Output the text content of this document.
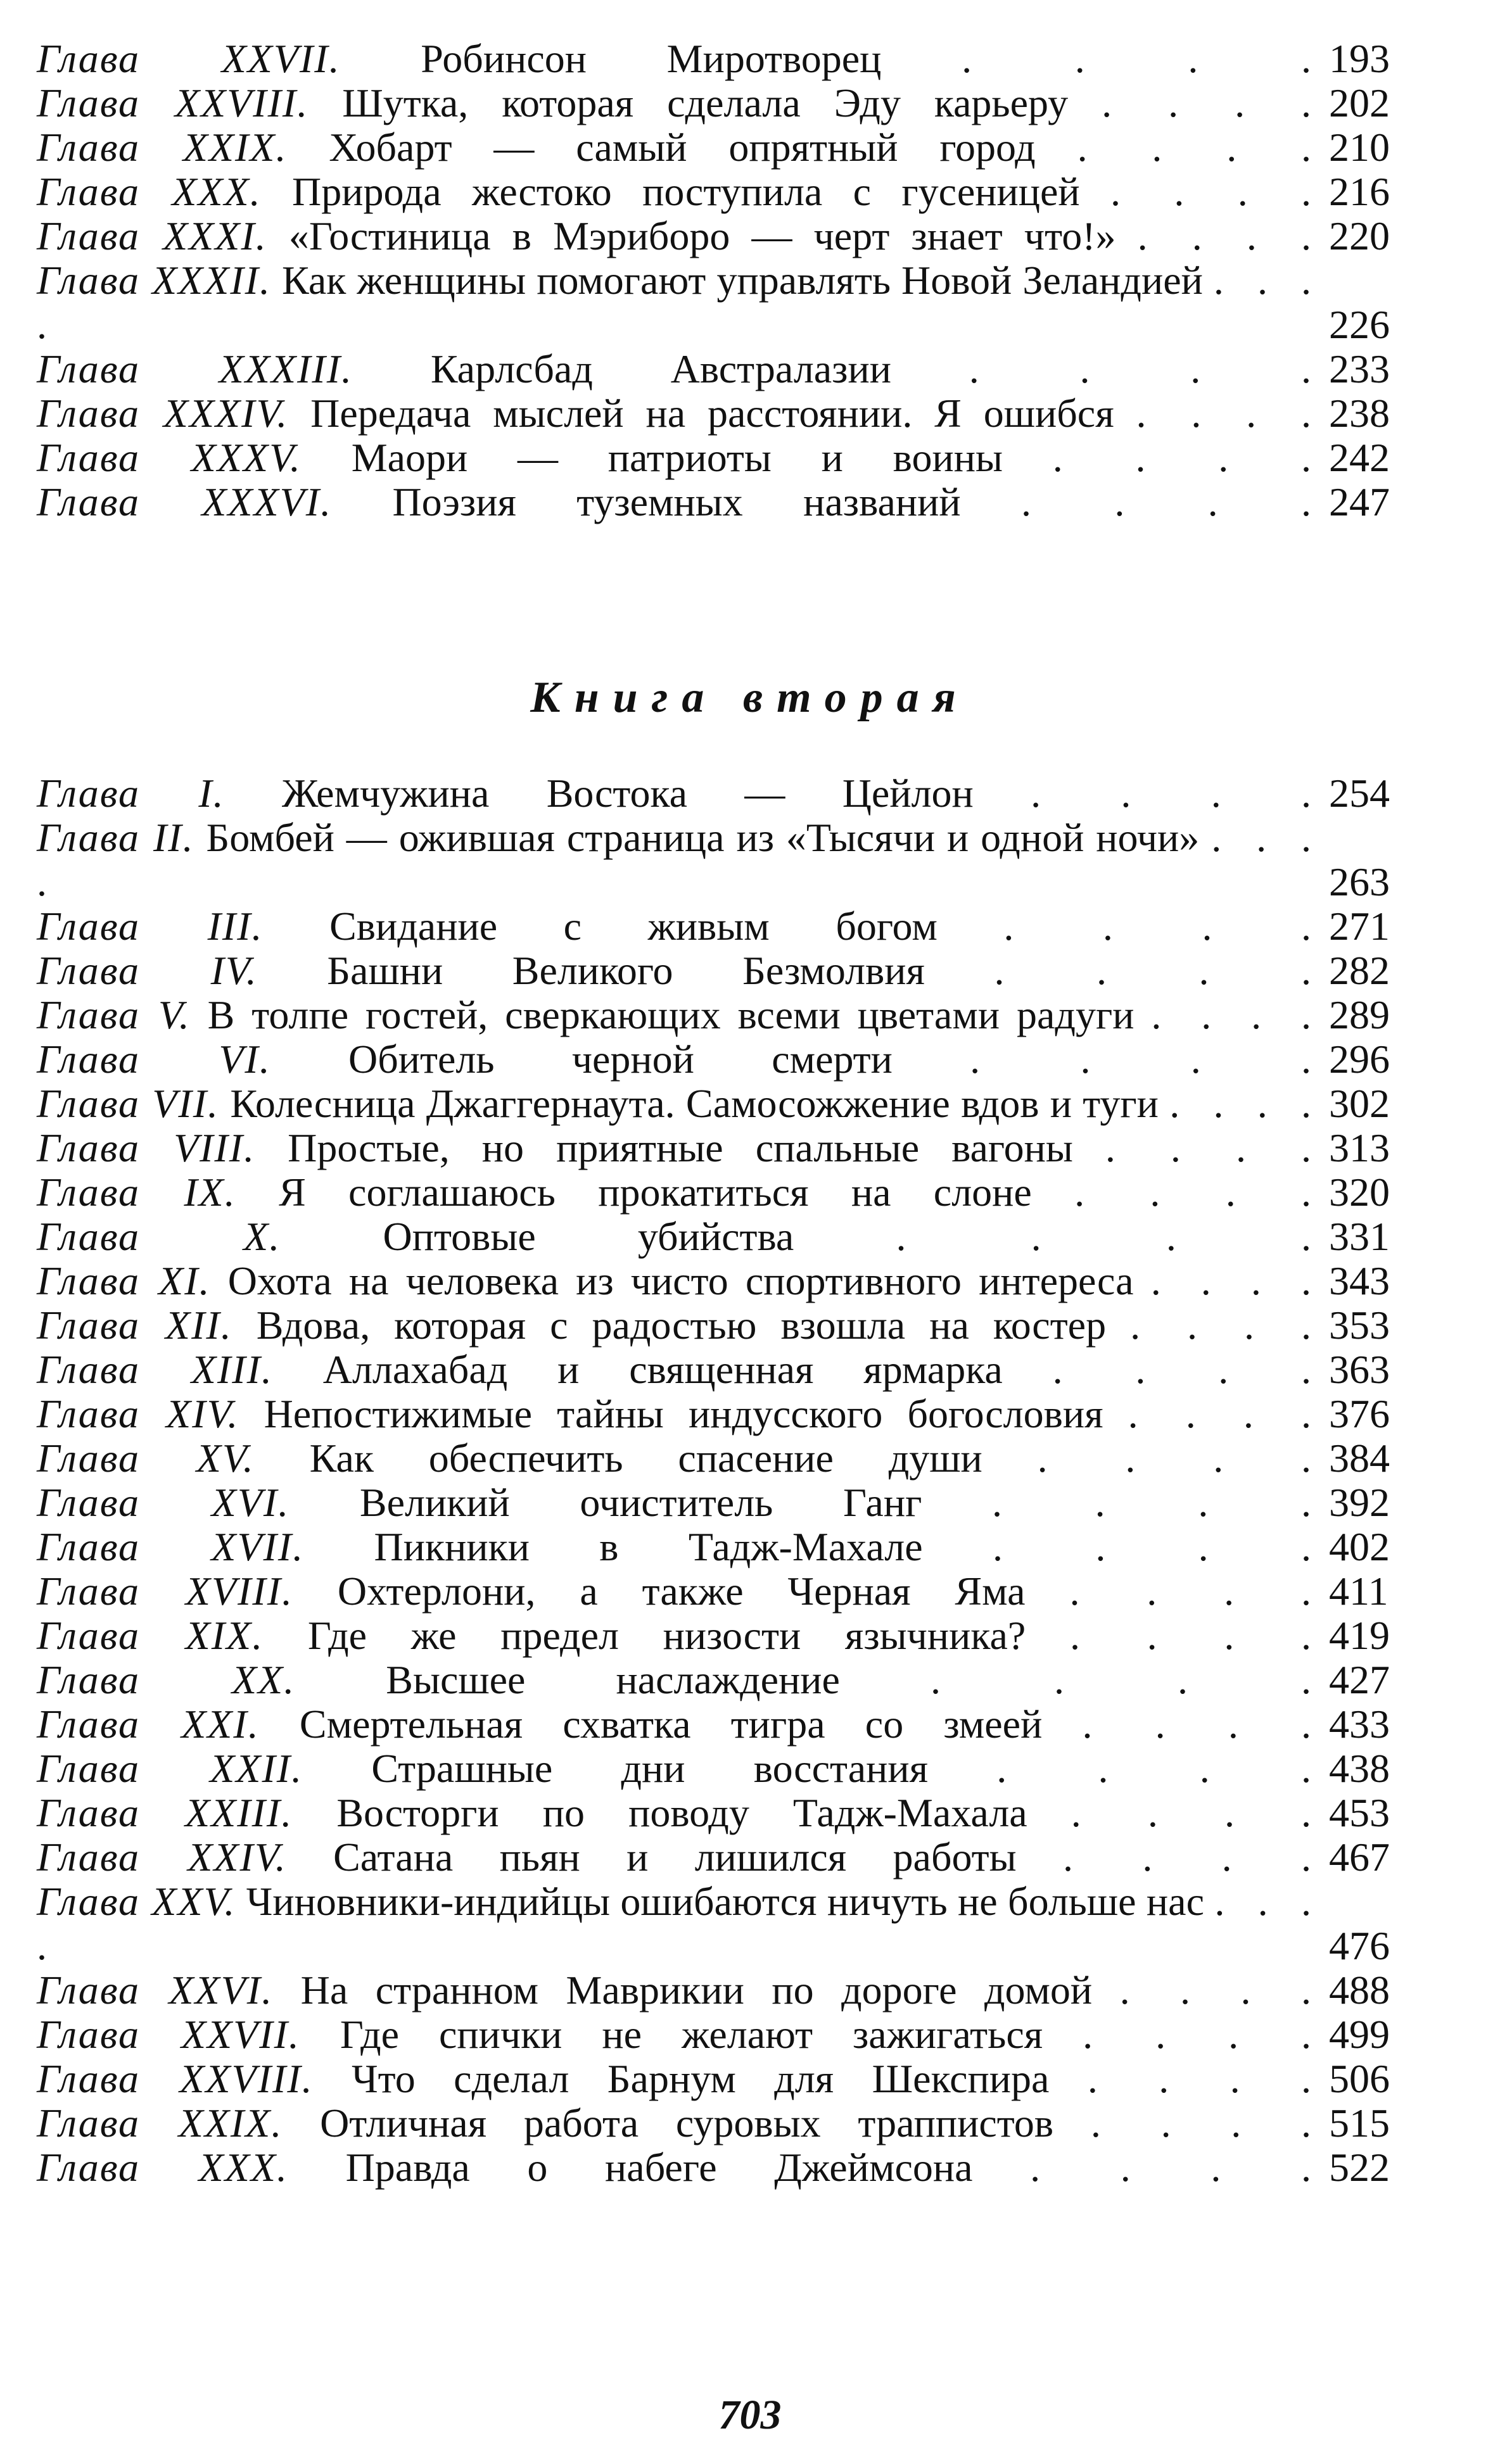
Глава XXVII. Робинсон Миротворец . . . . 193
Глава XXVIII. Шутка, которая сделала Эду карьеру . . . . 202
Глава XXIX. Хобарт — самый опрятный город . . . . 210
Глава XXX. Природа жестоко поступила с гусеницей . . . . 216
Глава XXXI. «Гостиница в Мэриборо — черт знает что!» . . . . 220
Глава XXXII. Как женщины помогают управлять Новой Зеландией . . . .	226
Глава XXXIII. Карлсбад Австралазии . . . . 233
Глава XXXIV. Передача мыслей на расстоянии. Я ошибся . . . . 238
Глава XXXV. Маори — патриоты и воины . . . . 242
Глава XXXVI. Поэзия туземных названий . . . . 247
Книга вторая
Глава I. Жемчужина Востока — Цейлон . . . . 254
Глава II. Бомбей — ожившая страница из «Тысячи и одной ночи» . . . .	263
Глава III. Свидание с живым богом . . . . 271
Глава IV. Башни Великого Безмолвия . . . . 282
Глава V. В толпе гостей, сверкающих всеми цветами радуги . . . . 289
Глава VI. Обитель черной смерти . . . . 296
Глава VII. Колесница Джаггернаута. Самосожжение вдов и туги . . . . 302
Глава VIII. Простые, но приятные спальные вагоны . . . . 313
Глава IX. Я соглашаюсь прокатиться на слоне . . . . 320
Глава X.	Оптовые убийства	. . . . 331
Глава XI. Охота на человека из чисто спортивного интереса . . . . 343
Глава XII. Вдова, которая с радостью взошла на костер . . . . 353
Глава XIII. Аллахабад и священная ярмарка . . . . 363
Глава XIV. Непостижимые тайны индусского богословия . . . . 376
Глава XV. Как обеспечить спасение души . . . . 384
Глава XVI. Великий очиститель Ганг . . . . 392
Глава XVII. Пикники в Тадж-Махале . . . . 402
Глава XVIII. Охтерлони, а также Черная Яма . . . . 411
Глава XIX. Где же предел низости язычника? . . . . 419
Глава XX. Высшее наслаждение . . . . 427
Глава XXI. Смертельная схватка тигра со змеей . . . . 433
Глава XXII. Страшные дни восстания . . . . 438
Глава XXIII. Восторги по поводу Тадж-Махала . . . . 453
Глава XXIV. Сатана пьян и лишился работы . . . . 467
Глава XXV. Чиновники-индийцы ошибаются ничуть не больше нас . . . .	476
Глава XXVI. На странном Маврикии по дороге домой . . . . 488
Глава XXVII. Где спички не желают зажигаться . . . . 499
Глава XXVIII. Что сделал Барнум для Шекспира . . . . 506
Глава XXIX. Отличная работа суровых траппистов . . . . 515
Глава XXX. Правда о набеге Джеймсона . . . . 522
703
